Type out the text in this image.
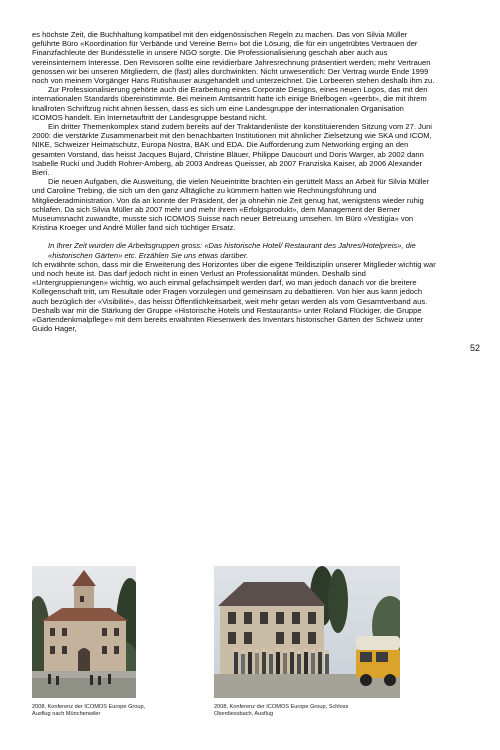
es höchste Zeit, die Buchhaltung kompatibel mit den eidgenössischen Regeln zu machen. Das von Silvia Müller geführte Büro «Koordination für Verbände und Vereine Bern» bot die Lösung, die für ein ungetrübtes Vertrauen der Finanzfachleute der Bundesstelle in unsere NGO sorgte. Die Professionalisierung geschah aber auch aus vereinsinternem Interesse. Den Revisoren sollte eine revidierbare Jahresrechnung präsentiert werden; mehr Vertrauen genossen wir bei unseren Mitgliedern, die (fast) alles durchwinkten. Nicht unwesentlich: Der Vertrag wurde Ende 1999 noch von meinem Vorgänger Hans Rutishauser ausgehandelt und unterzeichnet. Die Lorbeeren stehen deshalb ihm zu.

Zur Professionalisierung gehörte auch die Erarbeitung eines Corporate Designs, eines neuen Logos, das mit den internationalen Standards übereinstimmte. Bei meinem Amtsantritt hatte ich einige Briefbogen «geerbt», die mit ihrem knallroten Schriftzug nicht ahnen liessen, dass es sich um eine Landesgruppe der internationalen Organisation ICOMOS handelt. Ein Internetauftritt der Landesgruppe bestand nicht.

Ein dritter Themenkomplex stand zudem bereits auf der Traktandenliste der konstituierenden Sitzung vom 27. Juni 2000: die verstärkte Zusammenarbeit mit den benachbarten Institutionen mit ähnlicher Zielsetzung wie SKA und ICOM, NIKE, Schweizer Heimatschutz, Europa Nostra, BAK und EDA. Die Aufforderung zum Networking erging an den gesamten Vorstand, das heisst Jacques Bujard, Christine Bläuer, Philippe Daucourt und Doris Warger, ab 2002 dann Isabelle Rucki und Judith Rohrer-Amberg, ab 2003 Andreas Queisser, ab 2007 Franziska Kaiser, ab 2006 Alexander Bieri.

Die neuen Aufgaben, die Ausweitung, die vielen Neueintritte brachten ein gerüttelt Mass an Arbeit für Silvia Müller und Caroline Trebing, die sich um den ganz Alltägliche zu kümmern hatten wie Rechnungsführung und Mitgliederadministration. Von da an konnte der Präsident, der ja ohnehin nie Zeit genug hat, wenigstens wieder ruhig schlafen. Da sich Silvia Müller ab 2007 mehr und mehr ihrem «Erfolgsprodukt», dem Management der Berner Museumsnacht zuwandte, musste sich ICOMOS Suisse nach neuer Betreuung umsehen. Im Büro «Vestigia» von Kristina Kroeger und André Müller fand sich tüchtiger Ersatz.

In Ihrer Zeit wurden die Arbeitsgruppen gross: «Das historische Hotel/ Restaurant des Jahres/Hotelpreis», die «historischen Gärten» etc. Erzählen Sie uns etwas darüber.

Ich erwähnte schon, dass mir die Erweiterung des Horizontes über die eigene Teildisziplin unserer Mitglieder wichtig war und noch heute ist. Das darf jedoch nicht in einen Verlust an Professionalität münden. Deshalb sind «Untergruppierungen» wichtig, wo auch einmal gefachsimpelt werden darf, wo man jedoch danach vor die breitere Kollegenschaft tritt, um Resultate oder Fragen vorzulegen und gemeinsam zu debattieren. Von hier aus kann jedoch auch bezüglich der «Visibilité», das heisst Öffentlichkeitsarbeit, weit mehr getan werden als vom Gesamtverband aus. Deshalb war mir die Stärkung der Gruppe «Historische Hotels und Restaurants» unter Roland Flückiger, die Gruppe «Gartendenkmalpflege» mit dem bereits erwähnten Riesenwerk des Inventars historischer Gärten der Schweiz unter Guido Hager,

52
2008, Konferenz der ICOMOS Europe Group,
Ausflug nach Münchenwiler
2008, Konferenz der ICOMOS Europe Group, Schloss
Oberdiessbach, Ausflug
